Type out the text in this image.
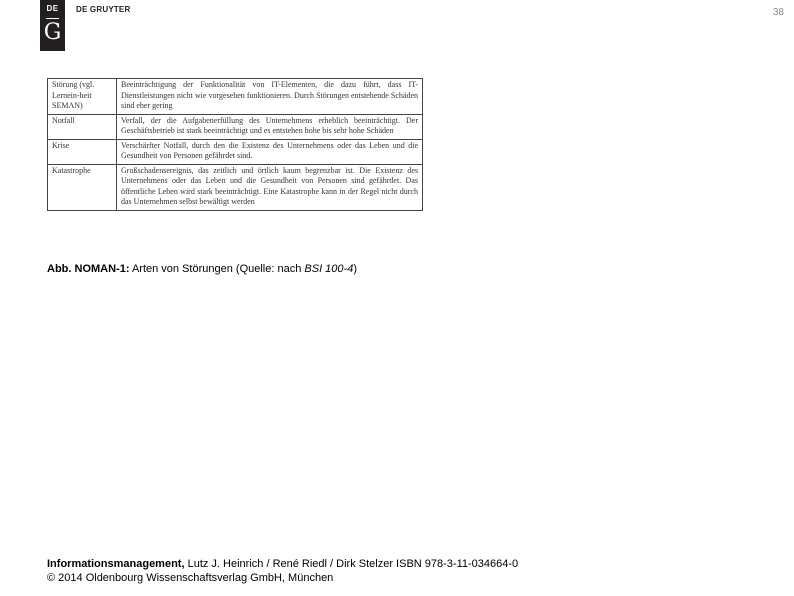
DE
G
DE GRUYTER	38
Störung (vgl. Lernein-heit SEMAN)	Beeinträchtigung der Funktionalität von IT-Elementen, die dazu führt, dass IT-Dienstleistungen nicht wie vorgesehen funktionieren. Durch Störungen entstehende Schäden sind eher gering
Notfall	Verfall, der die Aufgabenerfüllung des Unternehmens erheblich beeinträchtigt. Der Geschäftsbetrieb ist stark beeinträchtigt und es entstehen hohe bis sehr hohe Schäden
Krise	Verschärfter Notfall, durch den die Existenz des Unternehmens oder das Leben und die Gesundheit von Personen gefährdet sind.
Katastrophe	Großschadensereignis, das zeitlich und örtlich kaum begrenzbar ist. Die Existenz des Unternehmens oder das Leben und die Gesundheit von Personen sind gefährdet. Das öffentliche Leben wird stark beeinträchtigt. Eine Katastrophe kann in der Regel nicht durch das Unternehmen selbst bewältigt werden
Abb. NOMAN-1: Arten von Störungen (Quelle: nach BSI 100-4)
Informationsmanagement, Lutz J. Heinrich / René Riedl / Dirk Stelzer ISBN 978-3-11-034664-0
© 2014 Oldenbourg Wissenschaftsverlag GmbH, München
